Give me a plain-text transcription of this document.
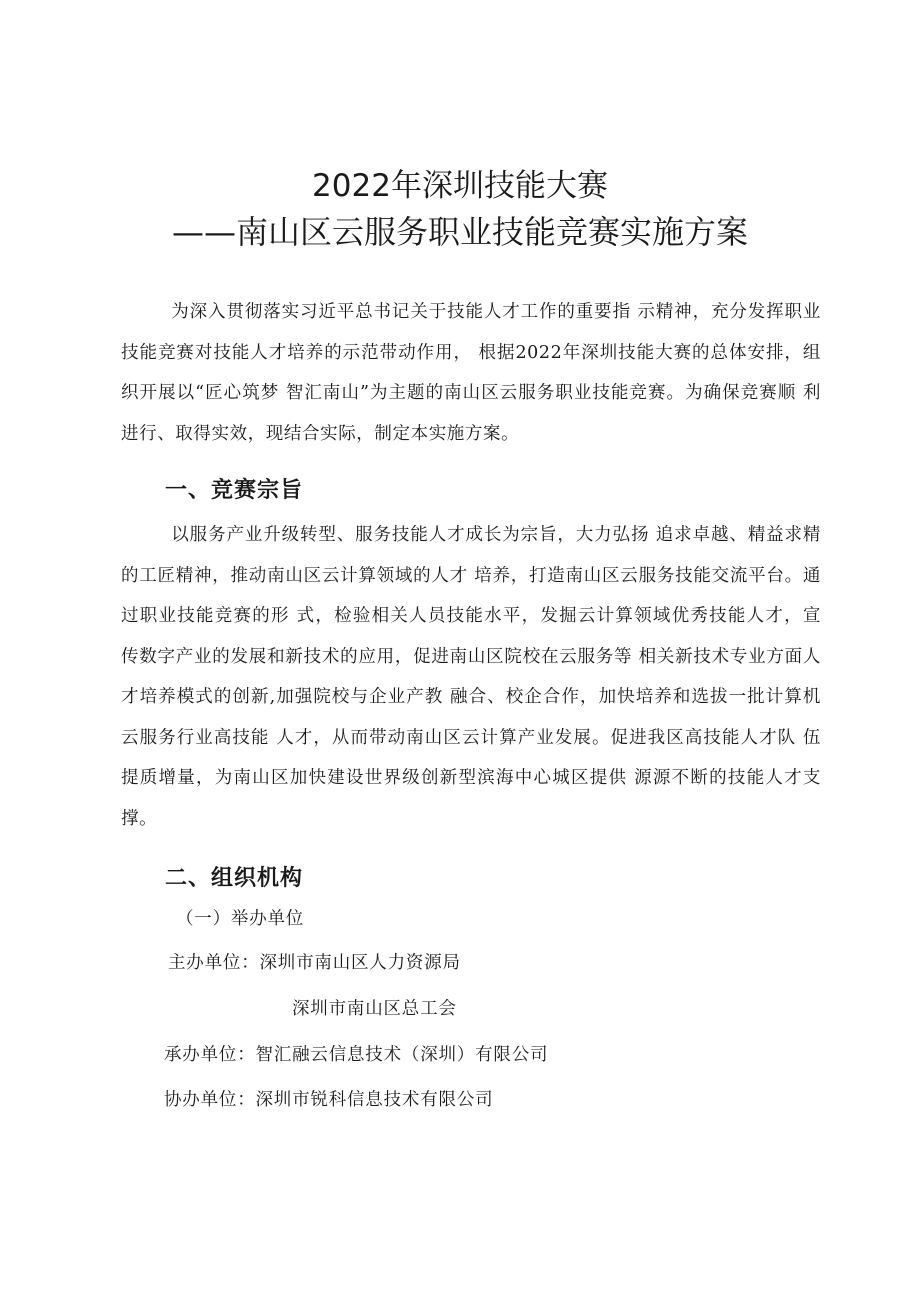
2022年深圳技能大赛
——南山区云服务职业技能竞赛实施方案
为深入贯彻落实习近平总书记关于技能人才工作的重要指 示精神，充分发挥职业技能竞赛对技能人才培养的示范带动作用， 根据2022年深圳技能大赛的总体安排，组织开展以“匠心筑梦 智汇南山”为主题的南山区云服务职业技能竞赛。为确保竞赛顺 利进行、取得实效，现结合实际，制定本实施方案。
一、竞赛宗旨
以服务产业升级转型、服务技能人才成长为宗旨，大力弘扬 追求卓越、精益求精的工匠精神，推动南山区云计算领域的人才 培养，打造南山区云服务技能交流平台。通过职业技能竞赛的形 式，检验相关人员技能水平，发掘云计算领域优秀技能人才，宣 传数字产业的发展和新技术的应用，促进南山区院校在云服务等 相关新技术专业方面人才培养模式的创新,加强院校与企业产教 融合、校企合作，加快培养和选拔一批计算机云服务行业高技能 人才，从而带动南山区云计算产业发展。促进我区高技能人才队 伍提质增量，为南山区加快建设世界级创新型滨海中心城区提供 源源不断的技能人才支撑。
二、组织机构
（一）举办单位
主办单位：深圳市南山区人力资源局
深圳市南山区总工会
承办单位：智汇融云信息技术（深圳）有限公司
协办单位：深圳市锐科信息技术有限公司
